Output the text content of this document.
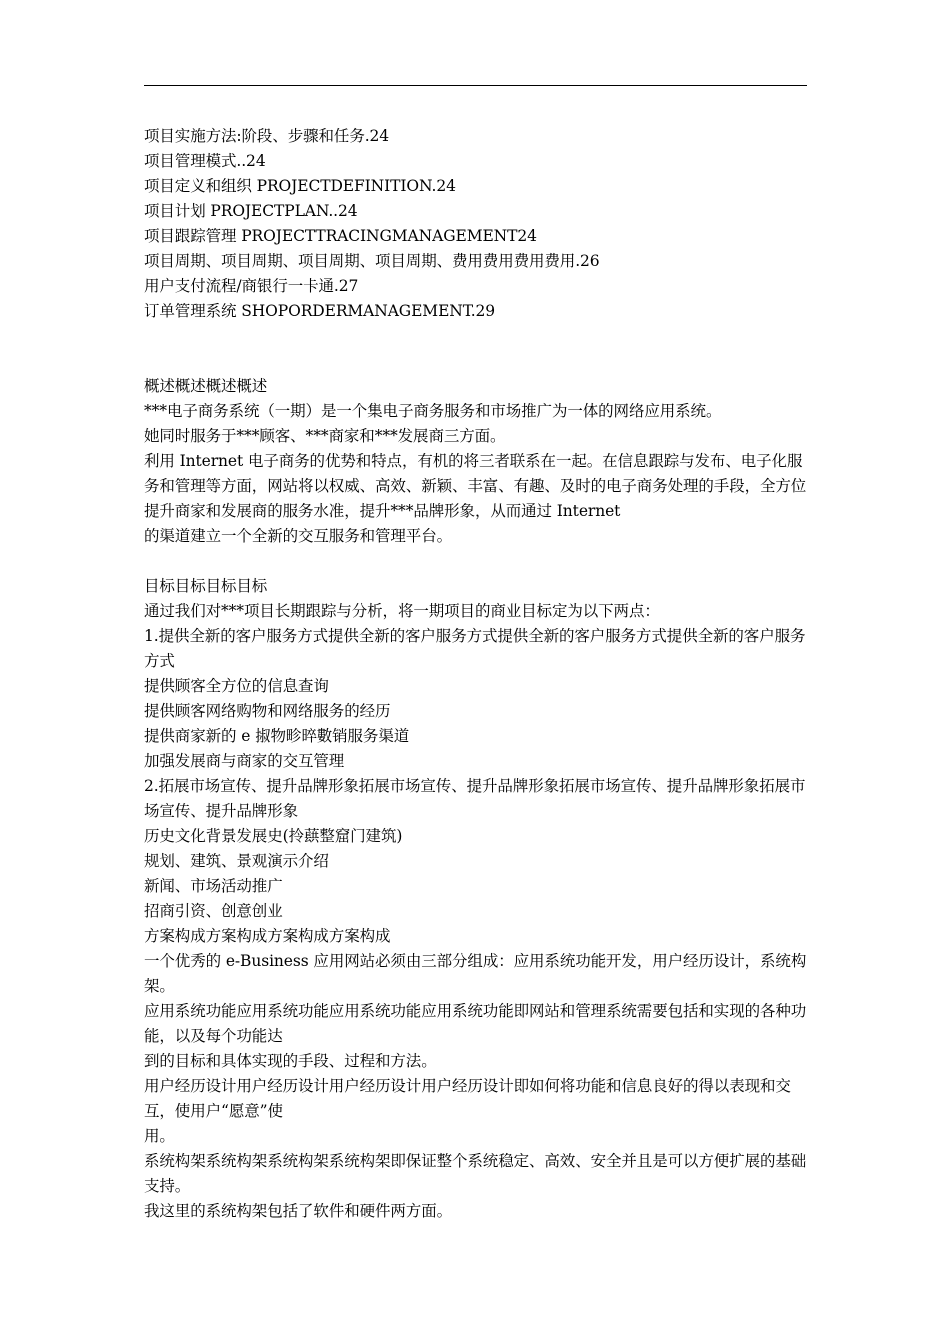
项目实施方法:阶段、步骤和任务.24
项目管理模式..24
项目定义和组织 PROJECTDEFINITION.24
项目计划 PROJECTPLAN..24
项目跟踪管理 PROJECTTRACINGMANAGEMENT24
项目周期、项目周期、项目周期、项目周期、费用费用费用费用.26
用户支付流程/商银行一卡通.27
订单管理系统 SHOPORDERMANAGEMENT.29
概述概述概述概述
***电子商务系统（一期）是一个集电子商务服务和市场推广为一体的网络应用系统。
她同时服务于***顾客、***商家和***发展商三方面。
利用 Internet 电子商务的优势和特点，有机的将三者联系在一起。在信息跟踪与发布、电子化服务和管理等方面，网站将以权威、高效、新颖、丰富、有趣、及时的电子商务处理的手段，全方位提升商家和发展商的服务水准，提升***品牌形象，从而通过 Internet
的渠道建立一个全新的交互服务和管理平台。
目标目标目标目标
通过我们对***项目长期跟踪与分析，将一期项目的商业目标定为以下两点：
1.提供全新的客户服务方式提供全新的客户服务方式提供全新的客户服务方式提供全新的客户服务方式
提供顾客全方位的信息查询
提供顾客网络购物和网络服务的经历
提供商家新的 e 掓物畛晬數销服务渠道
加强发展商与商家的交互管理
2.拓展市场宣传、提升品牌形象拓展市场宣传、提升品牌形象拓展市场宣传、提升品牌形象拓展市场宣传、提升品牌形象
历史文化背景发展史(拎蕻整窟门建筑)
规划、建筑、景观演示介绍
新闻、市场活动推广
招商引资、创意创业
方案构成方案构成方案构成方案构成
一个优秀的 e-Business 应用网站必须由三部分组成：应用系统功能开发，用户经历设计，系统构架。
应用系统功能应用系统功能应用系统功能应用系统功能即网站和管理系统需要包括和实现的各种功能，以及每个功能达
到的目标和具体实现的手段、过程和方法。
用户经历设计用户经历设计用户经历设计用户经历设计即如何将功能和信息良好的得以表现和交互，使用户“愿意”使
用。
系统构架系统构架系统构架系统构架即保证整个系统稳定、高效、安全并且是可以方便扩展的基础支持。
我这里的系统构架包括了软件和硬件两方面。
